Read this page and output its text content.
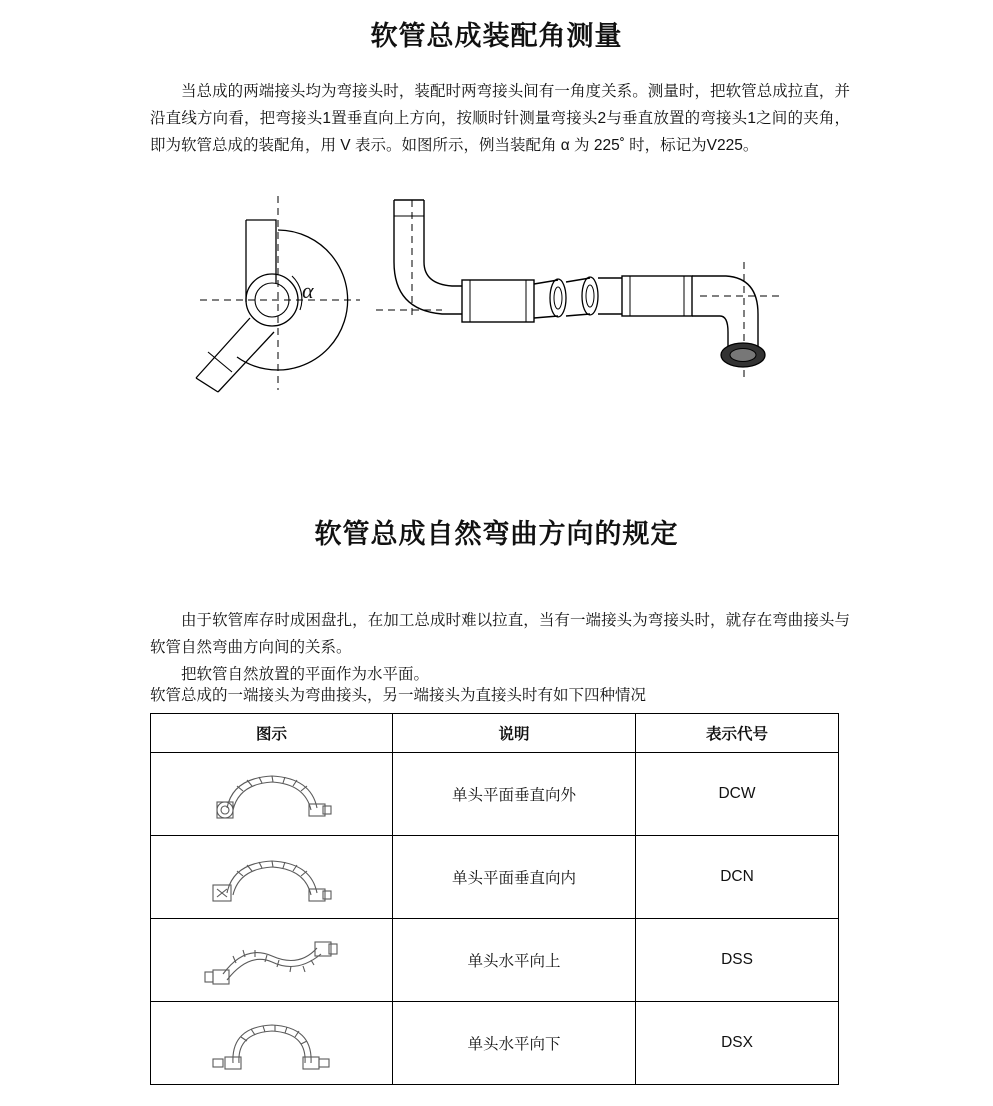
软管总成装配角测量

当总成的两端接头均为弯接头时，装配时两弯接头间有一角度关系。测量时，把软管总成拉直，并沿直线方向看，把弯接头1置垂直向上方向，按顺时针测量弯接头2与垂直放置的弯接头1之间的夹角，即为软管总成的装配角，用 V 表示。如图所示，例当装配角 α 为 225˚ 时，标记为V225。

α
软管总成自然弯曲方向的规定

由于软管库存时成困盘扎，在加工总成时难以拉直，当有一端接头为弯接头时，就存在弯曲接头与软管自然弯曲方向间的关系。

把软管自然放置的平面作为水平面。

软管总成的一端接头为弯曲接头，另一端接头为直接头时有如下四种情况
图示	说明	表示代号

	单头平面垂直向外	DCW

	单头平面垂直向内	DCN

	单头水平向上	DSS

	单头水平向下	DSX
